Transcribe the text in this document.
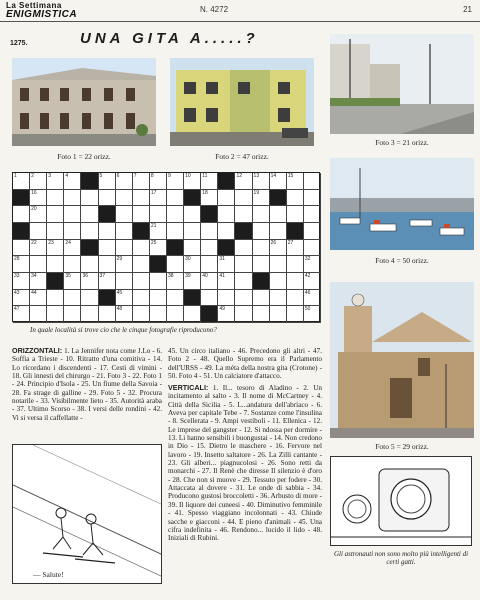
La Settimana
ENIGMISTICA	N. 4272	21
1275.	UNA GITA A.....?
Foto 1 = 22 orizz.	Foto 2 = 47 orizz.
Foto 3 = 21 orizz.
Foto 4 = 50 orizz.
Foto 5 = 29 orizz.
1	2	3	4	5	6	7	8	9	10	11	12	13	14	15
16	17	18	19
20
21
22	23	24	25	26	27
28	29	30	31	32
33	34	35	36	37	38	39	40	41	42
43	44	45	46
47	48	49	50
In quale località si trove cio che le cinque fotografie riproducono?
ORIZZONTALI: 1. La Jennifer nota come J.Lo - 6. Soffia a Trieste - 10. Ritratto d'una comitiva - 14. Lo ricordano i discendenti - 17. Cesti di vimini - 18. Gli innesti del chirurgo - 21. Foto 3 - 22. Foto 1 - 24. Principio d'Isola - 25. Un fiume della Savoia - 28. Fa strage di galline - 29. Foto 5 - 32. Procura notarile - 33. Visibilmente lieto - 35. Autorità araba - 37. Ultimo Scorso - 38. I versi delle rondini - 42. Vi si versa il caffellatte -
45. Un circo italiano - 46. Precedono gli altri - 47. Foto 2 - 48. Quello Supremo era il Parlamento dell'URSS - 49. La méta della nostra gita (Crotone) - 50. Foto 4 - 51. Un calciatore d'attacco.
VERTICALI: 1. Il... tesoro di Aladino - 2. Un incitamento al salto - 3. Il nome di McCartney - 4. Città della Sicilia - 5. L...andatura dell'abriaco - 6. Aveva per capitale Tebe - 7. Sostanze come l'insulina - 8. Scellerata - 9. Ampi vestiboli - 11. Ellenica - 12. Le imprese del gangster - 12. Si ndossa per dormire - 13. Li hanno sensibili i buongustai - 14. Non credono in Dio - 15. Dietro le maschere - 16. Fervore nel lavoro - 19. Insetto saltatore - 26. La Zilli cantante - 23. Gli alberi... piagnucolosi - 26. Sono retti da monarchi - 27. Il Renè che diresse Il silenzio è d'oro - 28. Che non si muove - 29. Tessuto per fodere - 30. Attaccata al dovere - 31. Le onde di sabbia - 34. Producono gustosi broccoletti - 36. Arbusto di more - 39. Il liquore dei cuneesi - 40. Diminutivo femminile - 41. Spesso viaggiano incolonnati - 43. Chiude sacche e giacconi - 44. E pieno d'animali - 45. Una cifra indefinita - 46. Rendono... lucido il lido - 48. Iniziali di Rubini.
— Salute!
Gli astronauti non sono molto più intelligenti di certi gatti.
